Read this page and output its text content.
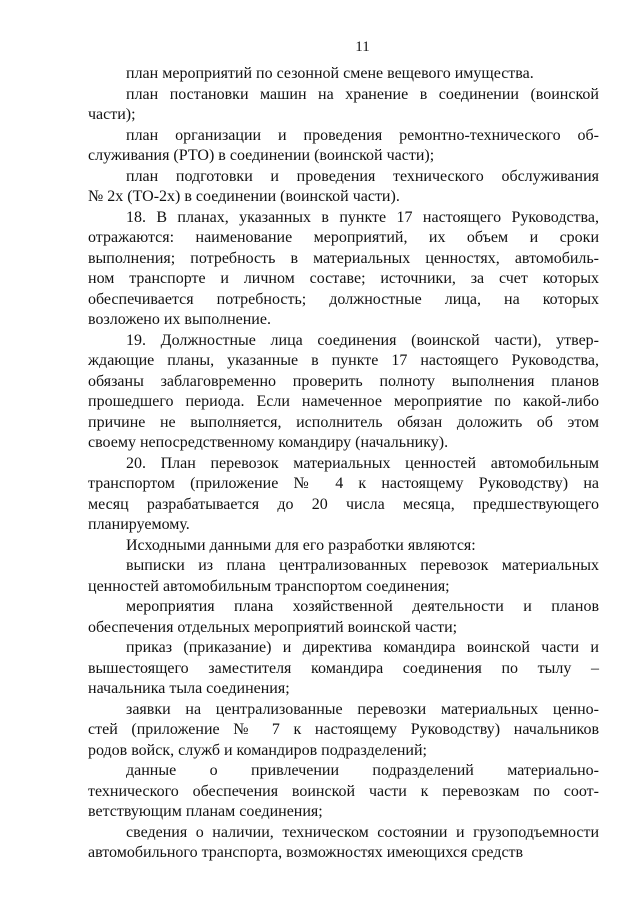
11

план мероприятий по сезонной смене вещевого имущества.

план постановки машин на хранение в соединении (воинской
части);

план организации и проведения ремонтно-технического об-
служивания (РТО) в соединении (воинской части);

план подготовки и проведения технического обслуживания
№ 2х (ТО-2х) в соединении (воинской части).

18. В планах, указанных в пункте 17 настоящего Руководства,
отражаются: наименование мероприятий, их объем и сроки
выполнения; потребность в материальных ценностях, автомобиль-
ном транспорте и личном составе; источники, за счет которых
обеспечивается потребность; должностные лица, на которых
возложено их выполнение.

19. Должностные лица соединения (воинской части), утвер-
ждающие планы, указанные в пункте 17 настоящего Руководства,
обязаны заблаговременно проверить полноту выполнения планов
прошедшего периода. Если намеченное мероприятие по какой-либо
причине не выполняется, исполнитель обязан доложить об этом
своему непосредственному командиру (начальнику).

20. План перевозок материальных ценностей автомобильным
транспортом (приложение № 4 к настоящему Руководству) на
месяц разрабатывается до 20 числа месяца, предшествующего
планируемому.

Исходными данными для его разработки являются:

выписки из плана централизованных перевозок материальных
ценностей автомобильным транспортом соединения;

мероприятия плана хозяйственной деятельности и планов
обеспечения отдельных мероприятий воинской части;

приказ (приказание) и директива командира воинской части и
вышестоящего заместителя командира соединения по тылу –
начальника тыла соединения;

заявки на централизованные перевозки материальных ценно-
стей (приложение № 7 к настоящему Руководству) начальников
родов войск, служб и командиров подразделений;

данные о привлечении подразделений материально-
технического обеспечения воинской части к перевозкам по соот-
ветствующим планам соединения;

сведения о наличии, техническом состоянии и грузоподъемности
автомобильного транспорта, возможностях имеющихся средств
